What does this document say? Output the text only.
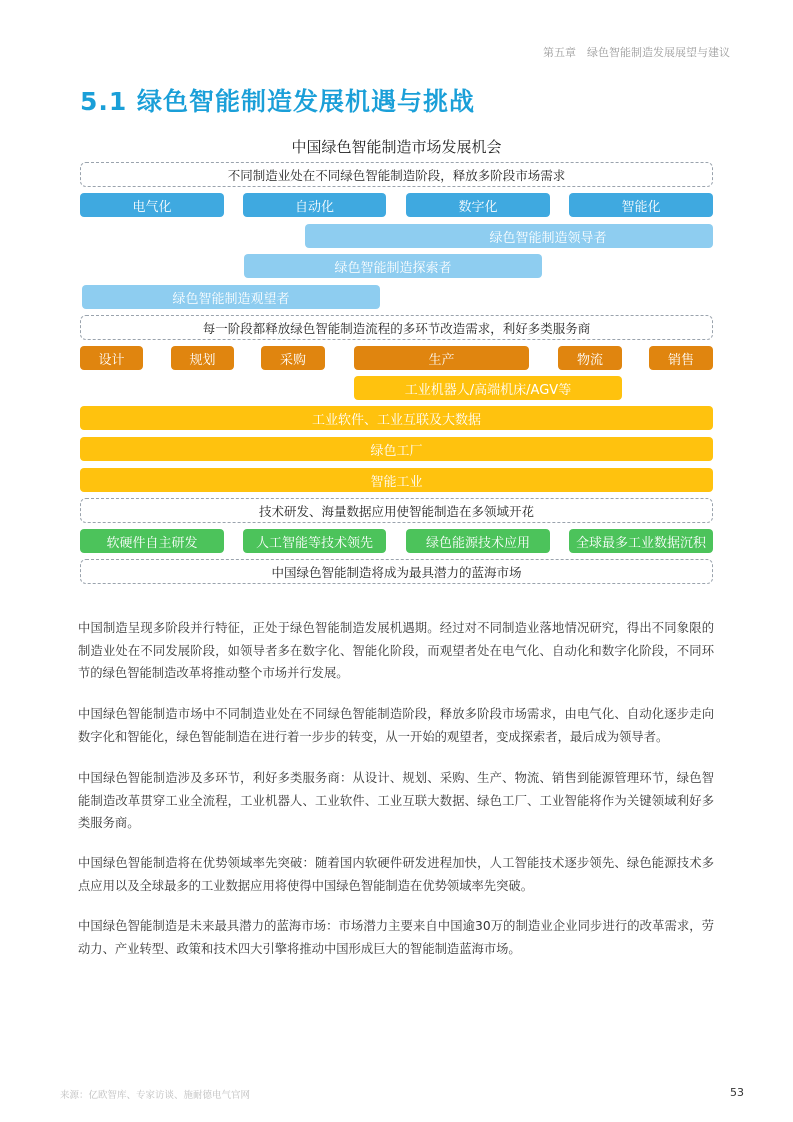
第五章　绿色智能制造发展展望与建议
5.1 绿色智能制造发展机遇与挑战
中国绿色智能制造市场发展机会
不同制造业处在不同绿色智能制造阶段，释放多阶段市场需求
电气化	自动化	数字化	智能化
绿色智能制造领导者
绿色智能制造探索者
绿色智能制造观望者
每一阶段都释放绿色智能制造流程的多环节改造需求，利好多类服务商
设计	规划	采购	生产	物流	销售
工业机器人/高端机床/AGV等
工业软件、工业互联及大数据
绿色工厂
智能工业
技术研发、海量数据应用使智能制造在多领域开花
软硬件自主研发	人工智能等技术领先	绿色能源技术应用	全球最多工业数据沉积
中国绿色智能制造将成为最具潜力的蓝海市场
中国制造呈现多阶段并行特征，正处于绿色智能制造发展机遇期。经过对不同制造业落地情况研究，得出不同象限的制造业处在不同发展阶段，如领导者多在数字化、智能化阶段，而观望者处在电气化、自动化和数字化阶段，不同环节的绿色智能制造改革将推动整个市场并行发展。
中国绿色智能制造市场中不同制造业处在不同绿色智能制造阶段，释放多阶段市场需求，由电气化、自动化逐步走向数字化和智能化，绿色智能制造在进行着一步步的转变，从一开始的观望者，变成探索者，最后成为领导者。
中国绿色智能制造涉及多环节，利好多类服务商：从设计、规划、采购、生产、物流、销售到能源管理环节，绿色智能制造改革贯穿工业全流程，工业机器人、工业软件、工业互联大数据、绿色工厂、工业智能将作为关键领域利好多类服务商。
中国绿色智能制造将在优势领域率先突破：随着国内软硬件研发进程加快，人工智能技术逐步领先、绿色能源技术多点应用以及全球最多的工业数据应用将使得中国绿色智能制造在优势领域率先突破。
中国绿色智能制造是未来最具潜力的蓝海市场：市场潜力主要来自中国逾30万的制造业企业同步进行的改革需求，劳动力、产业转型、政策和技术四大引擎将推动中国形成巨大的智能制造蓝海市场。
来源：亿欧智库、专家访谈、施耐德电气官网	53
